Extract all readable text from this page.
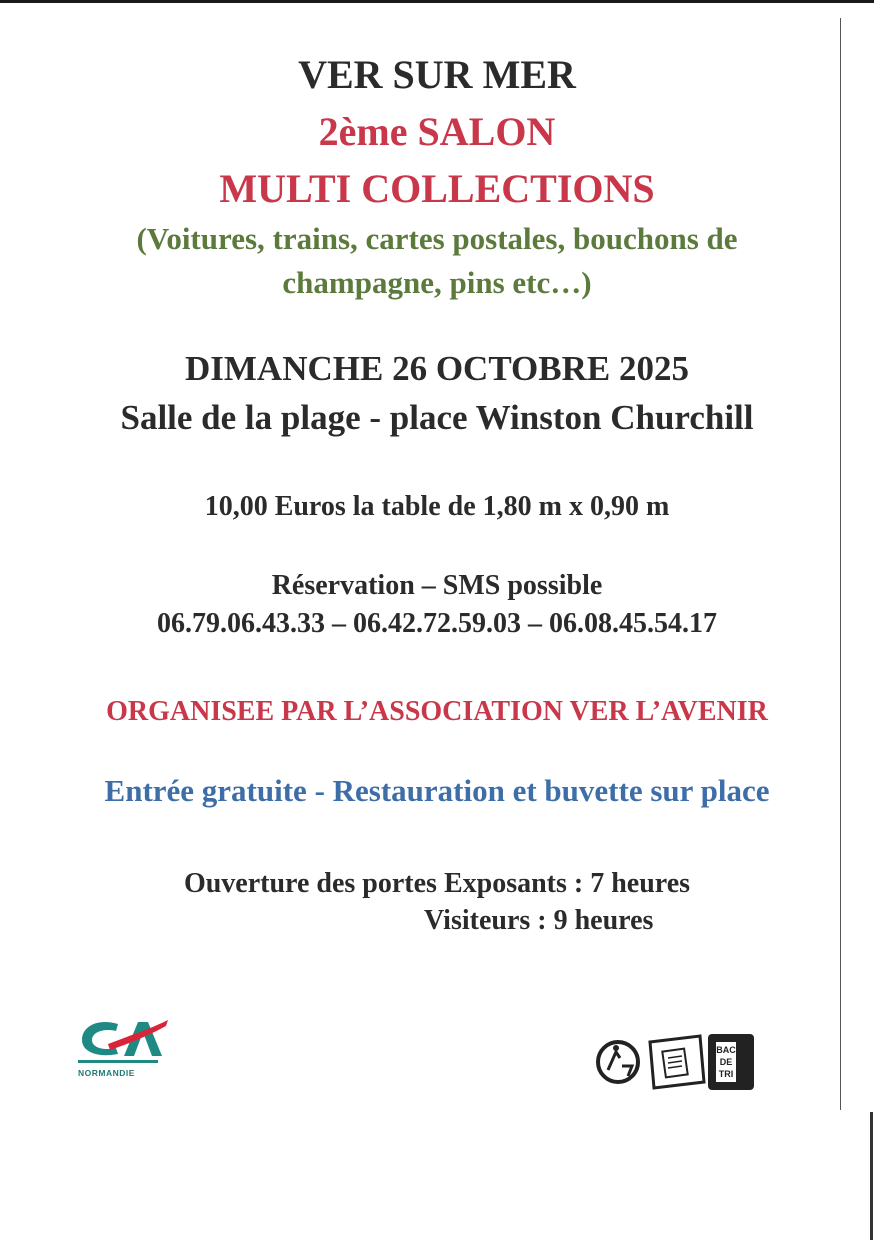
VER SUR MER
2ème SALON
MULTI COLLECTIONS
(Voitures, trains, cartes postales, bouchons de
champagne, pins etc…)
DIMANCHE 26 OCTOBRE 2025
Salle de la plage - place Winston Churchill
10,00 Euros la table de 1,80 m x 0,90 m
Réservation – SMS possible
06.79.06.43.33 – 06.42.72.59.03 – 06.08.45.54.17
ORGANISEE PAR L’ASSOCIATION VER L’AVENIR
Entrée gratuite - Restauration et buvette sur place
Ouverture des portes Exposants : 7 heures
Visiteurs : 9 heures
NORMANDIE
BAC DE TRI
